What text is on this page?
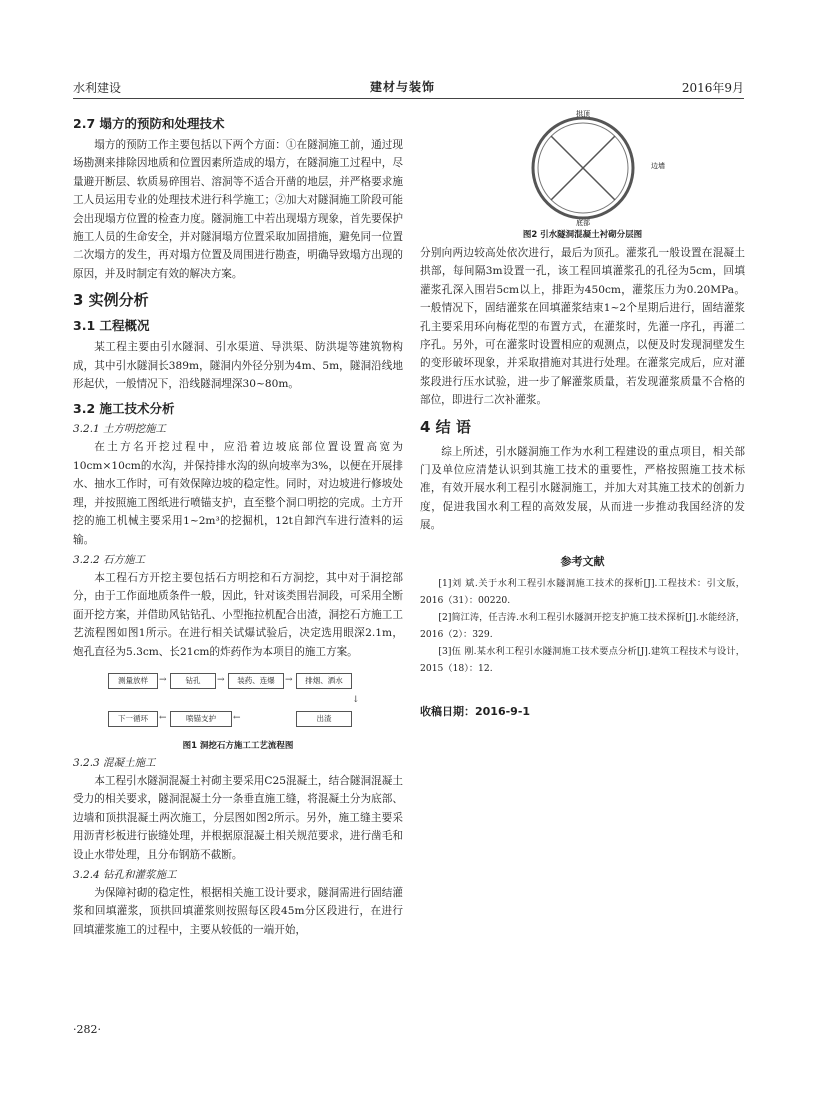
水利建设	建材与装饰	2016年9月
2.7 塌方的预防和处理技术

塌方的预防工作主要包括以下两个方面：①在隧洞施工前，通过现场勘测来排除因地质和位置因素所造成的塌方，在隧洞施工过程中，尽量避开断层、软质易碎围岩、溶洞等不适合开凿的地层，并严格要求施工人员运用专业的处理技术进行科学施工；②加大对隧洞施工阶段可能会出现塌方位置的检查力度。隧洞施工中若出现塌方现象，首先要保护施工人员的生命安全，并对隧洞塌方位置采取加固措施，避免同一位置二次塌方的发生，再对塌方位置及周围进行勘查，明确导致塌方出现的原因，并及时制定有效的解决方案。

3 实例分析
3.1 工程概况

某工程主要由引水隧洞、引水渠道、导洪渠、防洪堤等建筑物构成，其中引水隧洞长389m，隧洞内外径分别为4m、5m，隧洞沿线地形起伏，一般情况下，沿线隧洞埋深30~80m。

3.2 施工技术分析
3.2.1 土方明挖施工

在土方名开挖过程中，应沿着边坡底部位置设置高宽为10cm×10cm的水沟，并保持排水沟的纵向坡率为3%，以便在开展排水、抽水工作时，可有效保障边坡的稳定性。同时，对边坡进行修坡处理，并按照施工图纸进行喷锚支护，直至整个洞口明挖的完成。土方开挖的施工机械主要采用1~2m³的挖掘机，12t自卸汽车进行渣料的运输。

3.2.2 石方施工

本工程石方开挖主要包括石方明挖和石方洞挖，其中对于洞挖部分，由于工作面地质条件一般，因此，针对该类围岩洞段，可采用全断面开挖方案，并借助风钻钻孔、小型拖拉机配合出渣，洞挖石方施工工艺流程图如图1所示。在进行相关试爆试验后，决定选用眼深2.1m，炮孔直径为5.3cm、长21cm的炸药作为本项目的施工方案。

测量放样	→	钻孔	→	装药、连爆	→	排烟、洒水
↓
下一循环	←	喷锚支护	←	出渣
图1 洞挖石方施工工艺流程图
3.2.3 混凝土施工

本工程引水隧洞混凝土衬砌主要采用C25混凝土，结合隧洞混凝土受力的相关要求，隧洞混凝土分一条垂直施工缝，将混凝土分为底部、边墙和顶拱混凝土两次施工，分层图如图2所示。另外，施工缝主要采用沥青杉板进行嵌缝处理，并根据原混凝土相关规范要求，进行凿毛和设止水带处理，且分布钢筋不截断。

3.2.4 钻孔和灌浆施工

为保障衬砌的稳定性，根据相关施工设计要求，隧洞需进行固结灌浆和回填灌浆，顶拱回填灌浆则按照每区段45m分区段进行，在进行回填灌浆施工的过程中，主要从较低的一端开始，

拱顶
边墙
底部
图2 引水隧洞混凝土衬砌分层图

分别向两边较高处依次进行，最后为顶孔。灌浆孔一般设置在混凝土拱部，每间隔3m设置一孔，该工程回填灌浆孔的孔径为5cm，回填灌浆孔深入围岩5cm以上，排距为450cm，灌浆压力为0.20MPa。一般情况下，固结灌浆在回填灌浆结束1~2个星期后进行，固结灌浆孔主要采用环向梅花型的布置方式，在灌浆时，先灌一序孔，再灌二序孔。另外，可在灌浆时设置相应的观测点，以便及时发现洞壁发生的变形破坏现象，并采取措施对其进行处理。在灌浆完成后，应对灌浆段进行压水试验，进一步了解灌浆质量，若发现灌浆质量不合格的部位，即进行二次补灌浆。

4 结 语

综上所述，引水隧洞施工作为水利工程建设的重点项目，相关部门及单位应清楚认识到其施工技术的重要性，严格按照施工技术标准，有效开展水利工程引水隧洞施工，并加大对其施工技术的创新力度，促进我国水利工程的高效发展，从而进一步推动我国经济的发展。

参考文献

[1]刘 斌.关于水利工程引水隧洞施工技术的探析[J].工程技术：引文版，2016（31）：00220.

[2]简江涛，任吉涛.水利工程引水隧洞开挖支护施工技术探析[J].水能经济，2016（2）：329.

[3]伍 刚.某水利工程引水隧洞施工技术要点分析[J].建筑工程技术与设计，2015（18）：12.

收稿日期：2016-9-1
·282·
